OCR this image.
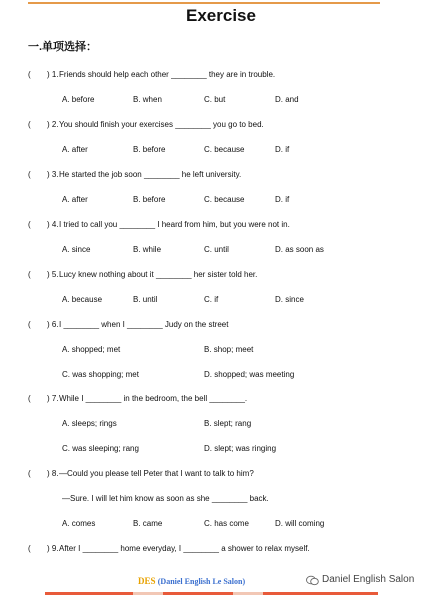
Exercise
一.单项选择：
( ) 1. Friends should help each other ________ they are in trouble.
A. before	B. when	C. but	D. and
( ) 2. You should finish your exercises ________ you go to bed.
A. after	B. before	C. because	D. if
( ) 3. He started the job soon ________ he left university.
A. after	B. before	C. because	D. if
( ) 4. I tried to call you ________ I heard from him, but you were not in.
A. since	B. while	C. until	D. as soon as
( ) 5. Lucy knew nothing about it ________ her sister told her.
A. because	B. until	C. if	D. since
( ) 6. I ________ when I ________ Judy on the street
A. shopped; met	B. shop; meet
C. was shopping; met	D. shopped; was meeting
( ) 7. While I ________ in the bedroom, the bell ________.
A. sleeps; rings	B. slept; rang
C. was sleeping; rang	D. slept; was ringing
( ) 8. —Could you please tell Peter that I want to talk to him?
—Sure. I will let him know as soon as she ________ back.
A. comes	B. came	C. has come	D. will coming
( ) 9. After I ________ home everyday, I ________ a shower to relax myself.
DES (Daniel English Le Salon)	Daniel English Salon
